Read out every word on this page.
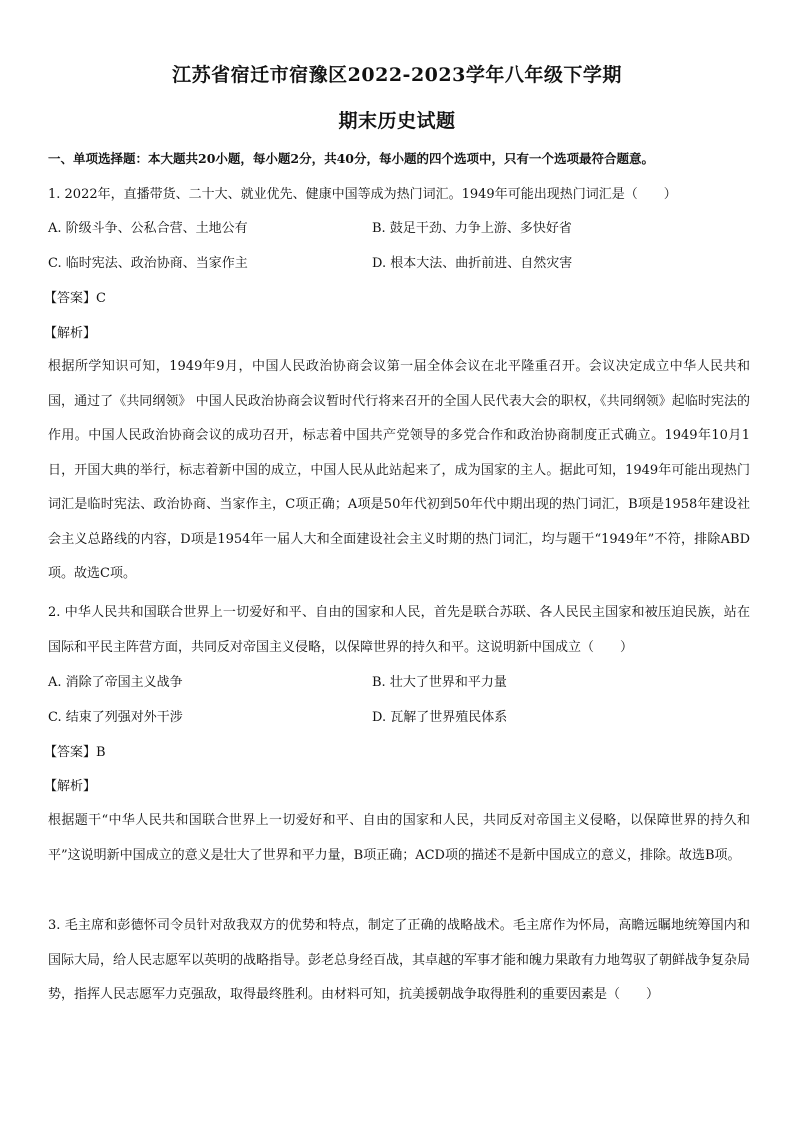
江苏省宿迁市宿豫区2022-2023学年八年级下学期
期末历史试题
一、单项选择题：本大题共20小题，每小题2分，共40分，每小题的四个选项中，只有一个选项最符合题意。
1. 2022年，直播带货、二十大、就业优先、健康中国等成为热门词汇。1949年可能出现热门词汇是（　　）
A. 阶级斗争、公私合营、土地公有	B. 鼓足干劲、力争上游、多快好省
C. 临时宪法、政治协商、当家作主	D. 根本大法、曲折前进、自然灾害
【答案】C
【解析】
根据所学知识可知，1949年9月，中国人民政治协商会议第一届全体会议在北平隆重召开。会议决定成立中华人民共和国，通过了《共同纲领》 中国人民政治协商会议暂时代行将来召开的全国人民代表大会的职权，《共同纲领》起临时宪法的作用。中国人民政治协商会议的成功召开，标志着中国共产党领导的多党合作和政治协商制度正式确立。1949年10月1日，开国大典的举行，标志着新中国的成立，中国人民从此站起来了，成为国家的主人。据此可知，1949年可能出现热门词汇是临时宪法、政治协商、当家作主，C项正确；A项是50年代初到50年代中期出现的热门词汇，B项是1958年建设社会主义总路线的内容，D项是1954年一届人大和全面建设社会主义时期的热门词汇，均与题干“1949年”不符，排除ABD项。故选C项。
2. 中华人民共和国联合世界上一切爱好和平、自由的国家和人民，首先是联合苏联、各人民民主国家和被压迫民族，站在国际和平民主阵营方面，共同反对帝国主义侵略，以保障世界的持久和平。这说明新中国成立（　　）
A. 消除了帝国主义战争	B. 壮大了世界和平力量
C. 结束了列强对外干涉	D. 瓦解了世界殖民体系
【答案】B
【解析】
根据题干“中华人民共和国联合世界上一切爱好和平、自由的国家和人民，共同反对帝国主义侵略，以保障世界的持久和平”这说明新中国成立的意义是壮大了世界和平力量，B项正确；ACD项的描述不是新中国成立的意义，排除。故选B项。
3. 毛主席和彭德怀司令员针对敌我双方的优势和特点，制定了正确的战略战术。毛主席作为怀局，高瞻远瞩地统筹国内和国际大局，给人民志愿军以英明的战略指导。彭老总身经百战，其卓越的军事才能和魄力果敢有力地驾驭了朝鲜战争复杂局势，指挥人民志愿军力克强敌，取得最终胜利。由材料可知，抗美援朝战争取得胜利的重要因素是（　　）
